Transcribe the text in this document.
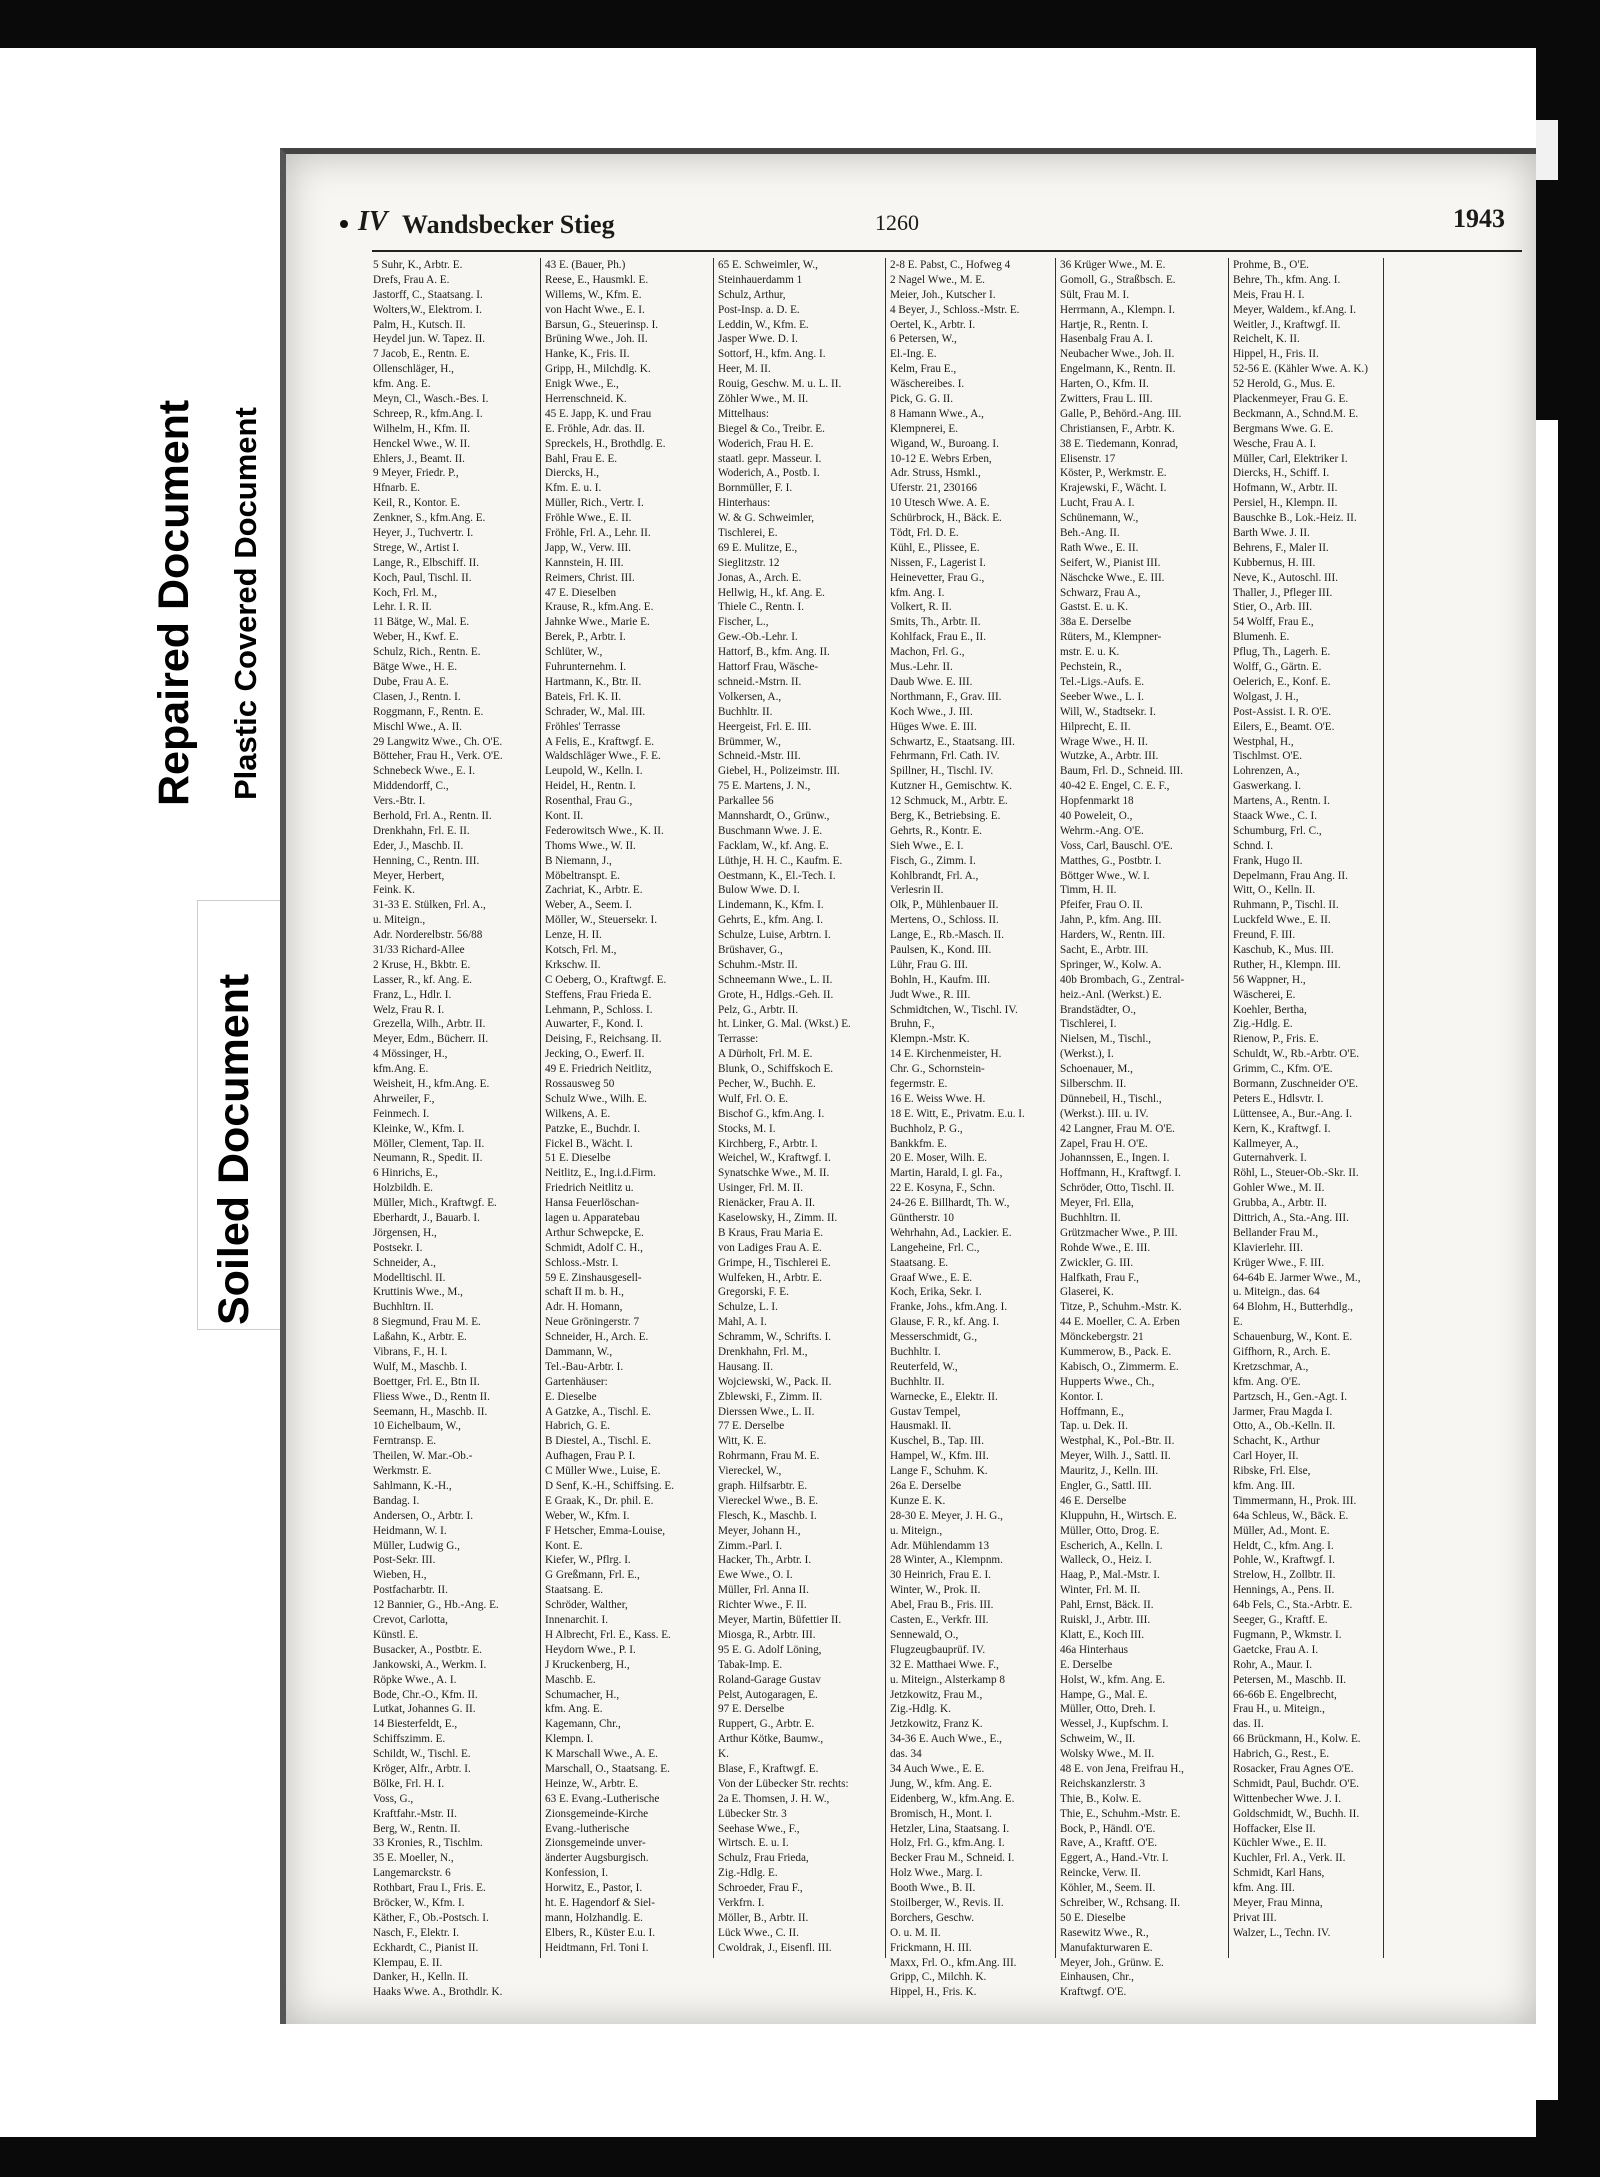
Repaired Document Plastic Covered Document
Soiled Document
IV Wandsbecker Stieg	1260	1943
5 Suhr, K., Arbtr. E.
Drefs, Frau A. E.
Jastorff, C., Staatsang. I.
Wolters,W., Elektrom. I.
Palm, H., Kutsch. II.
Heydel jun. W. Tapez. II.
7 Jacob, E., Rentn. E.
Ollenschläger, H.,
kfm. Ang. E.
Meyn, Cl., Wasch.-Bes. I.
Schreep, R., kfm.Ang. I.
Wilhelm, H., Kfm. II.
Henckel Wwe., W. II.
Ehlers, J., Beamt. II.
9 Meyer, Friedr. P.,
Hfnarb. E.
Keil, R., Kontor. E.
Zenkner, S., kfm.Ang. E.
Heyer, J., Tuchvertr. I.
Strege, W., Artist I.
Lange, R., Elbschiff. II.
Koch, Paul, Tischl. II.
Koch, Frl. M.,
Lehr. I. R. II.
11 Bätge, W., Mal. E.
Weber, H., Kwf. E.
Schulz, Rich., Rentn. E.
Bätge Wwe., H. E.
Dube, Frau A. E.
Clasen, J., Rentn. I.
Roggmann, F., Rentn. E.
Mischl Wwe., A. II.
29 Langwitz Wwe., Ch. O'E.
Bötteher, Frau H., Verk. O'E.
Schnebeck Wwe., E. I.
Middendorff, C.,
Vers.-Btr. I.
Berhold, Frl. A., Rentn. II.
Drenkhahn, Frl. E. II.
Eder, J., Maschb. II.
Henning, C., Rentn. III.
Meyer, Herbert,
Feink. K.
31-33 E. Stülken, Frl. A.,
u. Miteign.,
Adr. Norderelbstr. 56/88
31/33 Richard-Allee
2 Kruse, H., Bkbtr. E.
Lasser, R., kf. Ang. E.
Franz, L., Hdlr. I.
Welz, Frau R. I.
Grezella, Wilh., Arbtr. II.
Meyer, Edm., Bücherr. II.
4 Mössinger, H.,
kfm.Ang. E.
Weisheit, H., kfm.Ang. E.
Ahrweiler, F.,
Feinmech. I.
Kleinke, W., Kfm. I.
Möller, Clement, Tap. II.
Neumann, R., Spedit. II.
6 Hinrichs, E.,
Holzbildh. E.
Müller, Mich., Kraftwgf. E.
Eberhardt, J., Bauarb. I.
Jörgensen, H.,
Postsekr. I.
Schneider, A.,
Modelltischl. II.
Kruttinis Wwe., M.,
Buchhltrn. II.
8 Siegmund, Frau M. E.
Laßahn, K., Arbtr. E.
Vibrans, F., H. I.
Wulf, M., Maschb. I.
Boettger, Frl. E., Btn II.
Fliess Wwe., D., Rentn II.
Seemann, H., Maschb. II.
10 Eichelbaum, W.,
Ferntransp. E.
Theilen, W. Mar.-Ob.-
Werkmstr. E.
Sahlmann, K.-H.,
Bandag. I.
Andersen, O., Arbtr. I.
Heidmann, W. I.
Müller, Ludwig G.,
Post-Sekr. III.
Wieben, H.,
Postfacharbtr. II.
12 Bannier, G., Hb.-Ang. E.
Crevot, Carlotta,
Künstl. E.
Busacker, A., Postbtr. E.
Jankowski, A., Werkm. I.
Röpke Wwe., A. I.
Bode, Chr.-O., Kfm. II.
Lutkat, Johannes G. II.
14 Biesterfeldt, E.,
Schiffszimm. E.
Schildt, W., Tischl. E.
Kröger, Alfr., Arbtr. I.
Bölke, Frl. H. I.
Voss, G.,
Kraftfahr.-Mstr. II.
Berg, W., Rentn. II.
33 Kronies, R., Tischlm.
35 E. Moeller, N.,
Langemarckstr. 6
Rothbart, Frau I., Fris. E.
Bröcker, W., Kfm. I.
Käther, F., Ob.-Postsch. I.
Nasch, F., Elektr. I.
Eckhardt, C., Pianist II.
Klempau, E. II.
Danker, H., Kelln. II.
Haaks Wwe. A., Brothdlr. K.
43 E. (Bauer, Ph.)
Reese, E., Hausmkl. E.
Willems, W., Kfm. E.
von Hacht Wwe., E. I.
Barsun, G., Steuerinsp. I.
Brüning Wwe., Joh. II.
Hanke, K., Fris. II.
Gripp, H., Milchdlg. K.
Enigk Wwe., E.,
Herrenschneid. K.
45 E. Japp, K. und Frau
E. Fröhle, Adr. das. II.
Spreckels, H., Brothdlg. E.
Bahl, Frau E. E.
Diercks, H.,
Kfm. E. u. I.
Müller, Rich., Vertr. I.
Fröhle Wwe., E. II.
Fröhle, Frl. A., Lehr. II.
Japp, W., Verw. III.
Kannstein, H. III.
Reimers, Christ. III.
47 E. Dieselben
Krause, R., kfm.Ang. E.
Jahnke Wwe., Marie E.
Berek, P., Arbtr. I.
Schlüter, W.,
Fuhrunternehm. I.
Hartmann, K., Btr. II.
Bateis, Frl. K. II.
Schrader, W., Mal. III.
Fröhles' Terrasse
A Felis, E., Kraftwgf. E.
Waldschläger Wwe., F. E.
Leupold, W., Kelln. I.
Heidel, H., Rentn. I.
Rosenthal, Frau G.,
Kont. II.
Federowitsch Wwe., K. II.
Thoms Wwe., W. II.
B Niemann, J.,
Möbeltranspt. E.
Zachriat, K., Arbtr. E.
Weber, A., Seem. I.
Möller, W., Steuersekr. I.
Lenze, H. II.
Kotsch, Frl. M.,
Krkschw. II.
C Oeberg, O., Kraftwgf. E.
Steffens, Frau Frieda E.
Lehmann, P., Schloss. I.
Auwarter, F., Kond. I.
Deising, F., Reichsang. II.
Jecking, O., Ewerf. II.
49 E. Friedrich Neitlitz,
Rossausweg 50
Schulz Wwe., Wilh. E.
Wilkens, A. E.
Patzke, E., Buchdr. I.
Fickel B., Wächt. I.
51 E. Dieselbe
Neitlitz, E., Ing.i.d.Firm.
Friedrich Neitlitz u.
Hansa Feuerlöschan-
lagen u. Apparatebau
Arthur Schwepcke, E.
Schmidt, Adolf C. H.,
Schloss.-Mstr. I.
59 E. Zinshausgesell-
schaft II m. b. H.,
Adr. H. Homann,
Neue Gröningerstr. 7
Schneider, H., Arch. E.
Dammann, W.,
Tel.-Bau-Arbtr. I.
Gartenhäuser:
E. Dieselbe
A Gatzke, A., Tischl. E.
Habrich, G. E.
B Diestel, A., Tischl. E.
Aufhagen, Frau P. I.
C Müller Wwe., Luise, E.
D Senf, K.-H., Schiffsing. E.
E Graak, K., Dr. phil. E.
Weber, W., Kfm. I.
F Hetscher, Emma-Louise,
Kont. E.
Kiefer, W., Pflrg. I.
G Greßmann, Frl. E.,
Staatsang. E.
Schröder, Walther,
Innenarchit. I.
H Albrecht, Frl. E., Kass. E.
Heydorn Wwe., P. I.
J Kruckenberg, H.,
Maschb. E.
Schumacher, H.,
kfm. Ang. E.
Kagemann, Chr.,
Klempn. I.
K Marschall Wwe., A. E.
Marschall, O., Staatsang. E.
Heinze, W., Arbtr. E.
63 E. Evang.-Lutherische
Zionsgemeinde-Kirche
Evang.-lutherische
Zionsgemeinde unver-
änderter Augsburgisch.
Konfession, I.
Horwitz, E., Pastor, I.
ht. E. Hagendorf & Siel-
mann, Holzhandlg. E.
Elbers, R., Küster E.u. I.
Heidtmann, Frl. Toni I.
65 E. Schweimler, W.,
Steinhauerdamm 1
Schulz, Arthur,
Post-Insp. a. D. E.
Leddin, W., Kfm. E.
Jasper Wwe. D. I.
Sottorf, H., kfm. Ang. I.
Heer, M. II.
Rouig, Geschw. M. u. L. II.
Zöhler Wwe., M. II.
Mittelhaus:
Biegel & Co., Treibr. E.
Woderich, Frau H. E.
staatl. gepr. Masseur. I.
Woderich, A., Postb. I.
Bornmüller, F. I.
Hinterhaus:
W. & G. Schweimler,
Tischlerei, E.
69 E. Mulitze, E.,
Sieglitzstr. 12
Jonas, A., Arch. E.
Hellwig, H., kf. Ang. E.
Thiele C., Rentn. I.
Fischer, L.,
Gew.-Ob.-Lehr. I.
Hattorf, B., kfm. Ang. II.
Hattorf Frau, Wäsche-
schneid.-Mstrn. II.
Volkersen, A.,
Buchhltr. II.
Heergeist, Frl. E. III.
Brümmer, W.,
Schneid.-Mstr. III.
Giebel, H., Polizeimstr. III.
75 E. Martens, J. N.,
Parkallee 56
Mannshardt, O., Grünw.,
Buschmann Wwe. J. E.
Facklam, W., kf. Ang. E.
Lüthje, H. H. C., Kaufm. E.
Oestmann, K., El.-Tech. I.
Bulow Wwe. D. I.
Lindemann, K., Kfm. I.
Gehrts, E., kfm. Ang. I.
Schulze, Luise, Arbtrn. I.
Brüshaver, G.,
Schuhm.-Mstr. II.
Schneemann Wwe., L. II.
Grote, H., Hdlgs.-Geh. II.
Pelz, G., Arbtr. II.
ht. Linker, G. Mal. (Wkst.) E.
Terrasse:
A Dürholt, Frl. M. E.
Blunk, O., Schiffskoch E.
Pecher, W., Buchh. E.
Wulf, Frl. O. E.
Bischof G., kfm.Ang. I.
Stocks, M. I.
Kirchberg, F., Arbtr. I.
Weichel, W., Kraftwgf. I.
Synatschke Wwe., M. II.
Usinger, Frl. M. II.
Rienäcker, Frau A. II.
Kaselowsky, H., Zimm. II.
B Kraus, Frau Maria E.
von Ladiges Frau A. E.
Grimpe, H., Tischlerei E.
Wulfeken, H., Arbtr. E.
Gregorski, F. E.
Schulze, L. I.
Mahl, A. I.
Schramm, W., Schrifts. I.
Drenkhahn, Frl. M.,
Hausang. II.
Wojciewski, W., Pack. II.
Zblewski, F., Zimm. II.
Dierssen Wwe., L. II.
77 E. Derselbe
Witt, K. E.
Rohrmann, Frau M. E.
Viereckel, W.,
graph. Hilfsarbtr. E.
Viereckel Wwe., B. E.
Flesch, K., Maschb. I.
Meyer, Johann H.,
Zimm.-Parl. I.
Hacker, Th., Arbtr. I.
Ewe Wwe., O. I.
Müller, Frl. Anna II.
Richter Wwe., F. II.
Meyer, Martin, Büfettier II.
Miosga, R., Arbtr. III.
95 E. G. Adolf Löning,
Tabak-Imp. E.
Roland-Garage Gustav
Pelst, Autogaragen, E.
97 E. Derselbe
Ruppert, G., Arbtr. E.
Arthur Kötke, Baumw.,
K.
Blase, F., Kraftwgf. E.
Von der Lübecker Str. rechts:
2a E. Thomsen, J. H. W.,
Lübecker Str. 3
Seehase Wwe., F.,
Wirtsch. E. u. I.
Schulz, Frau Frieda,
Zig.-Hdlg. E.
Schroeder, Frau F.,
Verkfrn. I.
Möller, B., Arbtr. II.
Lück Wwe., C. II.
Cwoldrak, J., Eisenfl. III.
2-8 E. Pabst, C., Hofweg 4
2 Nagel Wwe., M. E.
Meier, Joh., Kutscher I.
4 Beyer, J., Schloss.-Mstr. E.
Oertel, K., Arbtr. I.
6 Petersen, W.,
El.-Ing. E.
Kelm, Frau E.,
Wäschereibes. I.
Pick, G. G. II.
8 Hamann Wwe., A.,
Klempnerei, E.
Wigand, W., Buroang. I.
10-12 E. Webrs Erben,
Adr. Struss, Hsmkl.,
Uferstr. 21, 230166
10 Utesch Wwe. A. E.
Schürbrock, H., Bäck. E.
Tödt, Frl. D. E.
Kühl, E., Plissee, E.
Nissen, F., Lagerist I.
Heinevetter, Frau G.,
kfm. Ang. I.
Volkert, R. II.
Smits, Th., Arbtr. II.
Kohlfack, Frau E., II.
Machon, Frl. G.,
Mus.-Lehr. II.
Daub Wwe. E. III.
Northmann, F., Grav. III.
Koch Wwe., J. III.
Hüges Wwe. E. III.
Schwartz, E., Staatsang. III.
Fehrmann, Frl. Cath. IV.
Spillner, H., Tischl. IV.
Kutzner H., Gemischtw. K.
12 Schmuck, M., Arbtr. E.
Berg, K., Betriebsing. E.
Gehrts, R., Kontr. E.
Sieh Wwe., E. I.
Fisch, G., Zimm. I.
Kohlbrandt, Frl. A.,
Verlesrin II.
Olk, P., Mühlenbauer II.
Mertens, O., Schloss. II.
Lange, E., Rb.-Masch. II.
Paulsen, K., Kond. III.
Lühr, Frau G. III.
Bohln, H., Kaufm. III.
Judt Wwe., R. III.
Schmidtchen, W., Tischl. IV.
Bruhn, F.,
Klempn.-Mstr. K.
14 E. Kirchenmeister, H.
Chr. G., Schornstein-
fegermstr. E.
16 E. Weiss Wwe. H.
18 E. Witt, E., Privatm. E.u. I.
Buchholz, P. G.,
Bankkfm. E.
20 E. Moser, Wilh. E.
Martin, Harald, I. gl. Fa.,
22 E. Kosyna, F., Schn.
24-26 E. Billhardt, Th. W.,
Güntherstr. 10
Wehrhahn, Ad., Lackier. E.
Langeheine, Frl. C.,
Staatsang. E.
Graaf Wwe., E. E.
Koch, Erika, Sekr. I.
Franke, Johs., kfm.Ang. I.
Glause, F. R., kf. Ang. I.
Messerschmidt, G.,
Buchhltr. I.
Reuterfeld, W.,
Buchhltr. II.
Warnecke, E., Elektr. II.
Gustav Tempel,
Hausmakl. II.
Kuschel, B., Tap. III.
Hampel, W., Kfm. III.
Lange F., Schuhm. K.
26a E. Derselbe
Kunze E. K.
28-30 E. Meyer, J. H. G.,
u. Miteign.,
Adr. Mühlendamm 13
28 Winter, A., Klempnm.
30 Heinrich, Frau E. I.
Winter, W., Prok. II.
Abel, Frau B., Fris. III.
Casten, E., Verkfr. III.
Sennewald, O.,
Flugzeugbauprüf. IV.
32 E. Matthaei Wwe. F.,
u. Miteign., Alsterkamp 8
Jetzkowitz, Frau M.,
Zig.-Hdlg. K.
Jetzkowitz, Franz K.
34-36 E. Auch Wwe., E.,
das. 34
34 Auch Wwe., E. E.
Jung, W., kfm. Ang. E.
Eidenberg, W., kfm.Ang. E.
Bromisch, H., Mont. I.
Hetzler, Lina, Staatsang. I.
Holz, Frl. G., kfm.Ang. I.
Becker Frau M., Schneid. I.
Holz Wwe., Marg. I.
Booth Wwe., B. II.
Stoilberger, W., Revis. II.
Borchers, Geschw.
O. u. M. II.
Frickmann, H. III.
Maxx, Frl. O., kfm.Ang. III.
Gripp, C., Milchh. K.
Hippel, H., Fris. K.
36 Krüger Wwe., M. E.
Gomoll, G., Straßbsch. E.
Sült, Frau M. I.
Herrmann, A., Klempn. I.
Hartje, R., Rentn. I.
Hasenbalg Frau A. I.
Neubacher Wwe., Joh. II.
Engelmann, K., Rentn. II.
Harten, O., Kfm. II.
Zwitters, Frau L. III.
Galle, P., Behörd.-Ang. III.
Christiansen, F., Arbtr. K.
38 E. Tiedemann, Konrad,
Elisenstr. 17
Köster, P., Werkmstr. E.
Krajewski, F., Wächt. I.
Lucht, Frau A. I.
Schünemann, W.,
Beh.-Ang. II.
Rath Wwe., E. II.
Seifert, W., Pianist III.
Näschcke Wwe., E. III.
Schwarz, Frau A.,
Gastst. E. u. K.
38a E. Derselbe
Rüters, M., Klempner-
mstr. E. u. K.
Pechstein, R.,
Tel.-Ligs.-Aufs. E.
Seeber Wwe., L. I.
Will, W., Stadtsekr. I.
Hilprecht, E. II.
Wrage Wwe., H. II.
Wutzke, A., Arbtr. III.
Baum, Frl. D., Schneid. III.
40-42 E. Engel, C. E. F.,
Hopfenmarkt 18
40 Poweleit, O.,
Wehrm.-Ang. O'E.
Voss, Carl, Bauschl. O'E.
Matthes, G., Postbtr. I.
Böttger Wwe., W. I.
Timm, H. II.
Pfeifer, Frau O. II.
Jahn, P., kfm. Ang. III.
Harders, W., Rentn. III.
Sacht, E., Arbtr. III.
Springer, W., Kolw. A.
40b Brombach, G., Zentral-
heiz.-Anl. (Werkst.) E.
Brandstädter, O.,
Tischlerei, I.
Nielsen, M., Tischl.,
(Werkst.), I.
Schoenauer, M.,
Silberschm. II.
Dünnebeil, H., Tischl.,
(Werkst.). III. u. IV.
42 Langner, Frau M. O'E.
Zapel, Frau H. O'E.
Johannssen, E., Ingen. I.
Hoffmann, H., Kraftwgf. I.
Schröder, Otto, Tischl. II.
Meyer, Frl. Ella,
Buchhltrn. II.
Grützmacher Wwe., P. III.
Rohde Wwe., E. III.
Zwickler, G. III.
Halfkath, Frau F.,
Glaserei, K.
Titze, P., Schuhm.-Mstr. K.
44 E. Moeller, C. A. Erben
Mönckebergstr. 21
Kummerow, B., Pack. E.
Kabisch, O., Zimmerm. E.
Hupperts Wwe., Ch.,
Kontor. I.
Hoffmann, E.,
Tap. u. Dek. II.
Westphal, K., Pol.-Btr. II.
Meyer, Wilh. J., Sattl. II.
Mauritz, J., Kelln. III.
Engler, G., Sattl. III.
46 E. Derselbe
Kluppuhn, H., Wirtsch. E.
Müller, Otto, Drog. E.
Escherich, A., Kelln. I.
Walleck, O., Heiz. I.
Haag, P., Mal.-Mstr. I.
Winter, Frl. M. II.
Pahl, Ernst, Bäck. II.
Ruiskl, J., Arbtr. III.
Klatt, E., Koch III.
46a Hinterhaus
E. Derselbe
Holst, W., kfm. Ang. E.
Hampe, G., Mal. E.
Müller, Otto, Dreh. I.
Wessel, J., Kupfschm. I.
Schweim, W., II.
Wolsky Wwe., M. II.
48 E. von Jena, Freifrau H.,
Reichskanzlerstr. 3
Thie, B., Kolw. E.
Thie, E., Schuhm.-Mstr. E.
Bock, P., Händl. O'E.
Rave, A., Kraftf. O'E.
Eggert, A., Hand.-Vtr. I.
Reincke, Verw. II.
Köhler, M., Seem. II.
Schreiber, W., Rchsang. II.
50 E. Dieselbe
Rasewitz Wwe., R.,
Manufakturwaren E.
Meyer, Joh., Grünw. E.
Einhausen, Chr.,
Kraftwgf. O'E.
Prohme, B., O'E.
Behre, Th., kfm. Ang. I.
Meis, Frau H. I.
Meyer, Waldem., kf.Ang. I.
Weitler, J., Kraftwgf. II.
Reichelt, K. II.
Hippel, H., Fris. II.
52-56 E. (Kähler Wwe. A. K.)
52 Herold, G., Mus. E.
Plackenmeyer, Frau G. E.
Beckmann, A., Schnd.M. E.
Bergmans Wwe. G. E.
Wesche, Frau A. I.
Müller, Carl, Elektriker I.
Diercks, H., Schiff. I.
Hofmann, W., Arbtr. II.
Persiel, H., Klempn. II.
Bauschke B., Lok.-Heiz. II.
Barth Wwe. J. II.
Behrens, F., Maler II.
Kubbernus, H. III.
Neve, K., Autoschl. III.
Thaller, J., Pfleger III.
Stier, O., Arb. III.
54 Wolff, Frau E.,
Blumenh. E.
Pflug, Th., Lagerh. E.
Wolff, G., Gärtn. E.
Oelerich, E., Konf. E.
Wolgast, J. H.,
Post-Assist. I. R. O'E.
Eilers, E., Beamt. O'E.
Westphal, H.,
Tischlmst. O'E.
Lohrenzen, A.,
Gaswerkang. I.
Martens, A., Rentn. I.
Staack Wwe., C. I.
Schumburg, Frl. C.,
Schnd. I.
Frank, Hugo II.
Depelmann, Frau Ang. II.
Witt, O., Kelln. II.
Ruhmann, P., Tischl. II.
Luckfeld Wwe., E. II.
Freund, F. III.
Kaschub, K., Mus. III.
Ruther, H., Klempn. III.
56 Wappner, H.,
Wäscherei, E.
Koehler, Bertha,
Zig.-Hdlg. E.
Rienow, P., Fris. E.
Schuldt, W., Rb.-Arbtr. O'E.
Grimm, C., Kfm. O'E.
Bormann, Zuschneider O'E.
Peters E., Hdlsvtr. I.
Lüttensee, A., Bur.-Ang. I.
Kern, K., Kraftwgf. I.
Kallmeyer, A.,
Guternahverk. I.
Röhl, L., Steuer-Ob.-Skr. II.
Gohler Wwe., M. II.
Grubba, A., Arbtr. II.
Dittrich, A., Sta.-Ang. III.
Bellander Frau M.,
Klavierlehr. III.
Krüger Wwe., F. III.
64-64b E. Jarmer Wwe., M.,
u. Miteign., das. 64
64 Blohm, H., Butterhdlg.,
E.
Schauenburg, W., Kont. E.
Giffhorn, R., Arch. E.
Kretzschmar, A.,
kfm. Ang. O'E.
Partzsch, H., Gen.-Agt. I.
Jarmer, Frau Magda I.
Otto, A., Ob.-Kelln. II.
Schacht, K., Arthur
Carl Hoyer, II.
Ribske, Frl. Else,
kfm. Ang. III.
Timmermann, H., Prok. III.
64a Schleus, W., Bäck. E.
Müller, Ad., Mont. E.
Heldt, C., kfm. Ang. I.
Pohle, W., Kraftwgf. I.
Strelow, H., Zollbtr. II.
Hennings, A., Pens. II.
64b Fels, C., Sta.-Arbtr. E.
Seeger, G., Kraftf. E.
Fugmann, P., Wkmstr. I.
Gaetcke, Frau A. I.
Rohr, A., Maur. I.
Petersen, M., Maschb. II.
66-66b E. Engelbrecht,
Frau H., u. Miteign.,
das. II.
66 Brückmann, H., Kolw. E.
Habrich, G., Rest., E.
Rosacker, Frau Agnes O'E.
Schmidt, Paul, Buchdr. O'E.
Wittenbecher Wwe. J. I.
Goldschmidt, W., Buchh. II.
Hoffacker, Else II.
Küchler Wwe., E. II.
Kuchler, Frl. A., Verk. II.
Schmidt, Karl Hans,
kfm. Ang. III.
Meyer, Frau Minna,
Privat III.
Walzer, L., Techn. IV.
